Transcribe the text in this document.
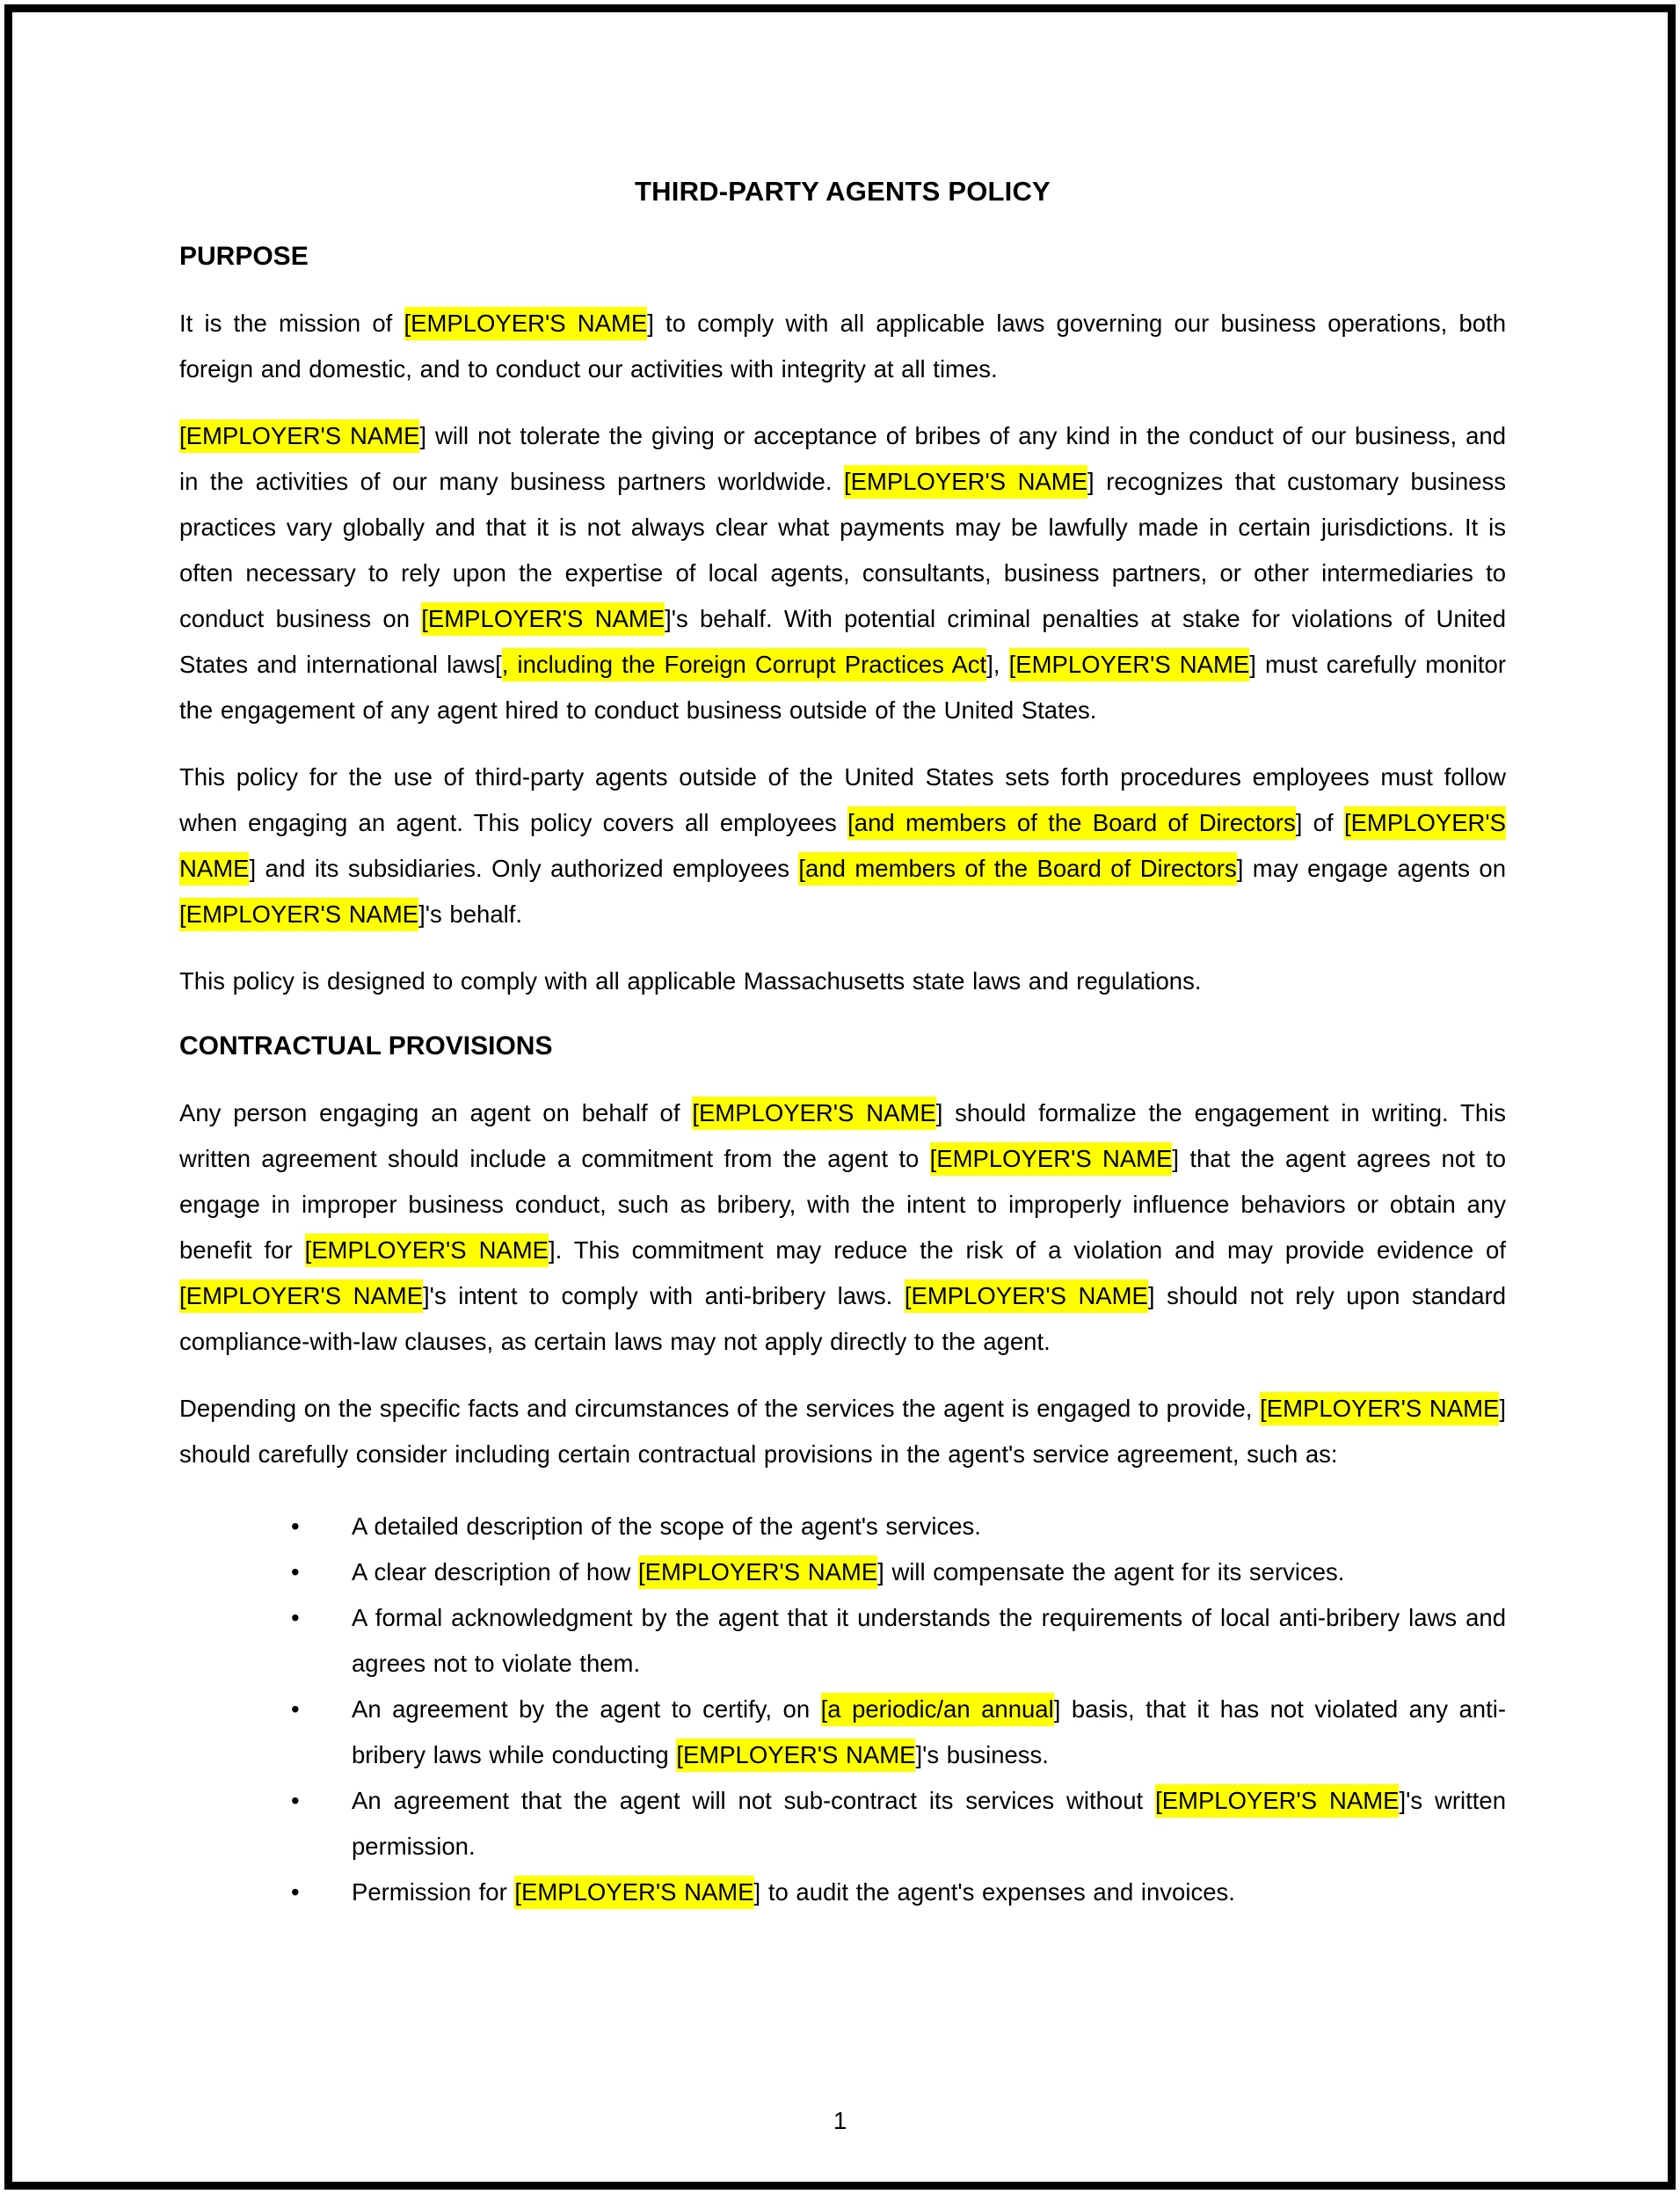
THIRD-PARTY AGENTS POLICY
PURPOSE
It is the mission of [EMPLOYER'S NAME] to comply with all applicable laws governing our business operations, both foreign and domestic, and to conduct our activities with integrity at all times.
[EMPLOYER'S NAME] will not tolerate the giving or acceptance of bribes of any kind in the conduct of our business, and in the activities of our many business partners worldwide. [EMPLOYER'S NAME] recognizes that customary business practices vary globally and that it is not always clear what payments may be lawfully made in certain jurisdictions. It is often necessary to rely upon the expertise of local agents, consultants, business partners, or other intermediaries to conduct business on [EMPLOYER'S NAME]'s behalf. With potential criminal penalties at stake for violations of United States and international laws[, including the Foreign Corrupt Practices Act], [EMPLOYER'S NAME] must carefully monitor the engagement of any agent hired to conduct business outside of the United States.
This policy for the use of third-party agents outside of the United States sets forth procedures employees must follow when engaging an agent. This policy covers all employees [and members of the Board of Directors] of [EMPLOYER'S NAME] and its subsidiaries. Only authorized employees [and members of the Board of Directors] may engage agents on [EMPLOYER'S NAME]'s behalf.
This policy is designed to comply with all applicable Massachusetts state laws and regulations.
CONTRACTUAL PROVISIONS
Any person engaging an agent on behalf of [EMPLOYER'S NAME] should formalize the engagement in writing. This written agreement should include a commitment from the agent to [EMPLOYER'S NAME] that the agent agrees not to engage in improper business conduct, such as bribery, with the intent to improperly influence behaviors or obtain any benefit for [EMPLOYER'S NAME]. This commitment may reduce the risk of a violation and may provide evidence of [EMPLOYER'S NAME]'s intent to comply with anti-bribery laws. [EMPLOYER'S NAME] should not rely upon standard compliance-with-law clauses, as certain laws may not apply directly to the agent.
Depending on the specific facts and circumstances of the services the agent is engaged to provide, [EMPLOYER'S NAME] should carefully consider including certain contractual provisions in the agent's service agreement, such as:
• A detailed description of the scope of the agent's services.
• A clear description of how [EMPLOYER'S NAME] will compensate the agent for its services.
• A formal acknowledgment by the agent that it understands the requirements of local anti-bribery laws and agrees not to violate them.
• An agreement by the agent to certify, on [a periodic/an annual] basis, that it has not violated any anti-bribery laws while conducting [EMPLOYER'S NAME]'s business.
• An agreement that the agent will not sub-contract its services without [EMPLOYER'S NAME]'s written permission.
• Permission for [EMPLOYER'S NAME] to audit the agent's expenses and invoices.
1
